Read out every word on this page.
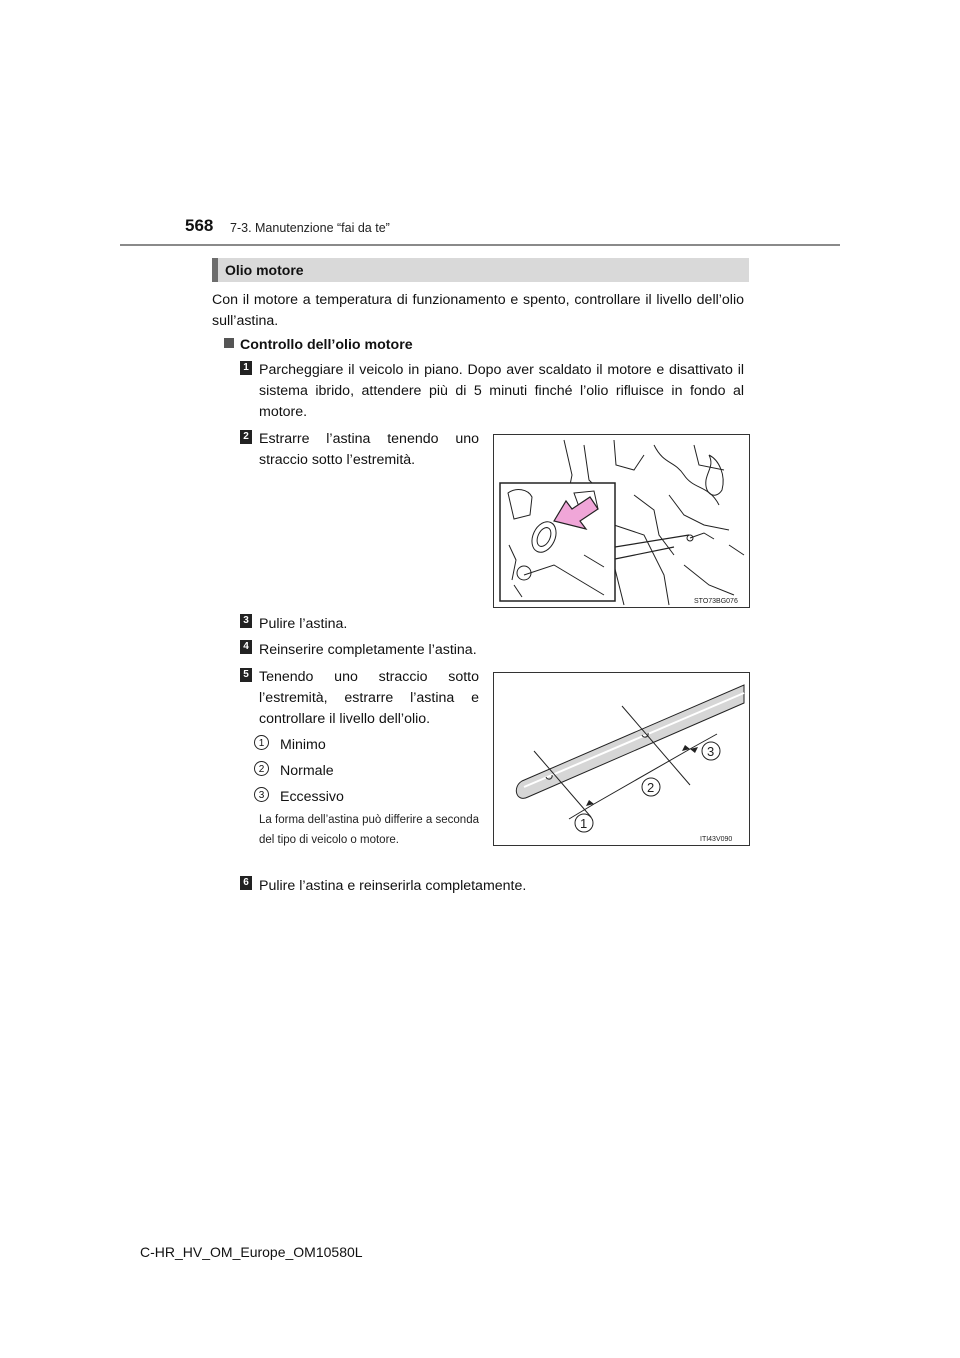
568 7-3. Manutenzione “fai da te”
Olio motore
Con il motore a temperatura di funzionamento e spento, controllare il livello dell’olio sull’astina.
Controllo dell’olio motore
1 Parcheggiare il veicolo in piano. Dopo aver scaldato il motore e disattivato il sistema ibrido, attendere più di 5 minuti finché l’olio rifluisce in fondo al motore.
2 Estrarre l’astina tenendo uno straccio sotto l’estremità.
STO73BG076
3 Pulire l’astina.
4 Reinserire completamente l’astina.
5 Tenendo uno straccio sotto l’estremità, estrarre l’astina e controllare il livello dell’olio.
1	Minimo
2	Normale
3	Eccessivo
La forma dell’astina può differire a seconda del tipo di veicolo o motore.
1
2
3
ITI43V090
6 Pulire l’astina e reinserirla completamente.
C-HR_HV_OM_Europe_OM10580L
